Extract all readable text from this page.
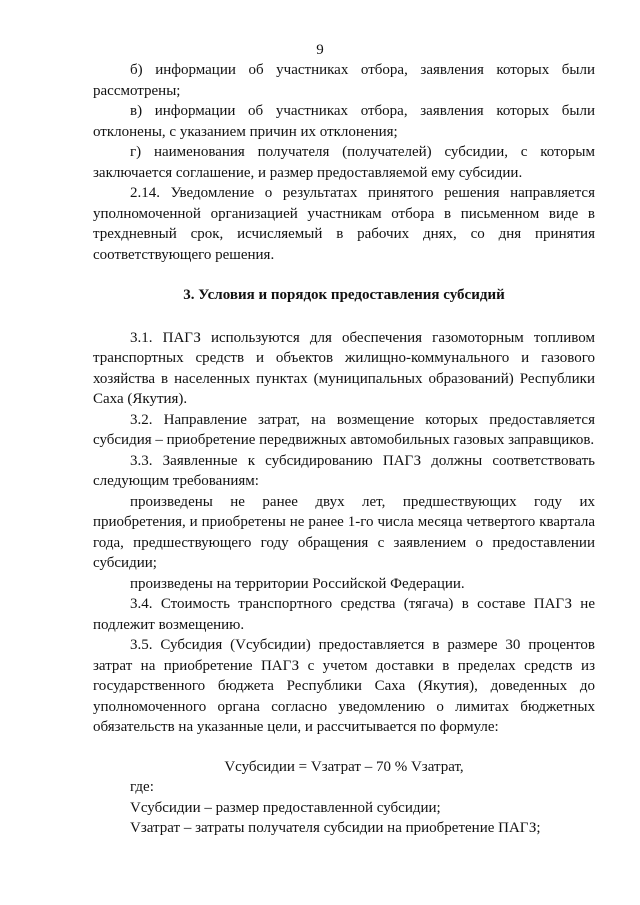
9

б) информации об участниках отбора, заявления которых были рассмотрены;

в) информации об участниках отбора, заявления которых были отклонены, с указанием причин их отклонения;

г) наименования получателя (получателей) субсидии, с которым заключается соглашение, и размер предоставляемой ему субсидии.

2.14. Уведомление о результатах принятого решения направляется уполномоченной организацией участникам отбора в письменном виде в трехдневный срок, исчисляемый в рабочих днях, со дня принятия соответствующего решения.

3. Условия и порядок предоставления субсидий

3.1. ПАГЗ используются для обеспечения газомоторным топливом транспортных средств и объектов жилищно-коммунального и газового хозяйства в населенных пунктах (муниципальных образований) Республики Саха (Якутия).

3.2. Направление затрат, на возмещение которых предоставляется субсидия – приобретение передвижных автомобильных газовых заправщиков.

3.3. Заявленные к субсидированию ПАГЗ должны соответствовать следующим требованиям:

произведены не ранее двух лет, предшествующих году их приобретения, и приобретены не ранее 1-го числа месяца четвертого квартала года, предшествующего году обращения с заявлением о предоставлении субсидии;

произведены на территории Российской Федерации.

3.4. Стоимость транспортного средства (тягача) в составе ПАГЗ не подлежит возмещению.

3.5. Субсидия (Vсубсидии) предоставляется в размере 30 процентов затрат на приобретение ПАГЗ с учетом доставки в пределах средств из государственного бюджета Республики Саха (Якутия), доведенных до уполномоченного органа согласно уведомлению о лимитах бюджетных обязательств на указанные цели, и рассчитывается по формуле:

Vсубсидии = Vзатрат – 70 % Vзатрат,

где:

Vсубсидии – размер предоставленной субсидии;

Vзатрат – затраты получателя субсидии на приобретение ПАГЗ;
